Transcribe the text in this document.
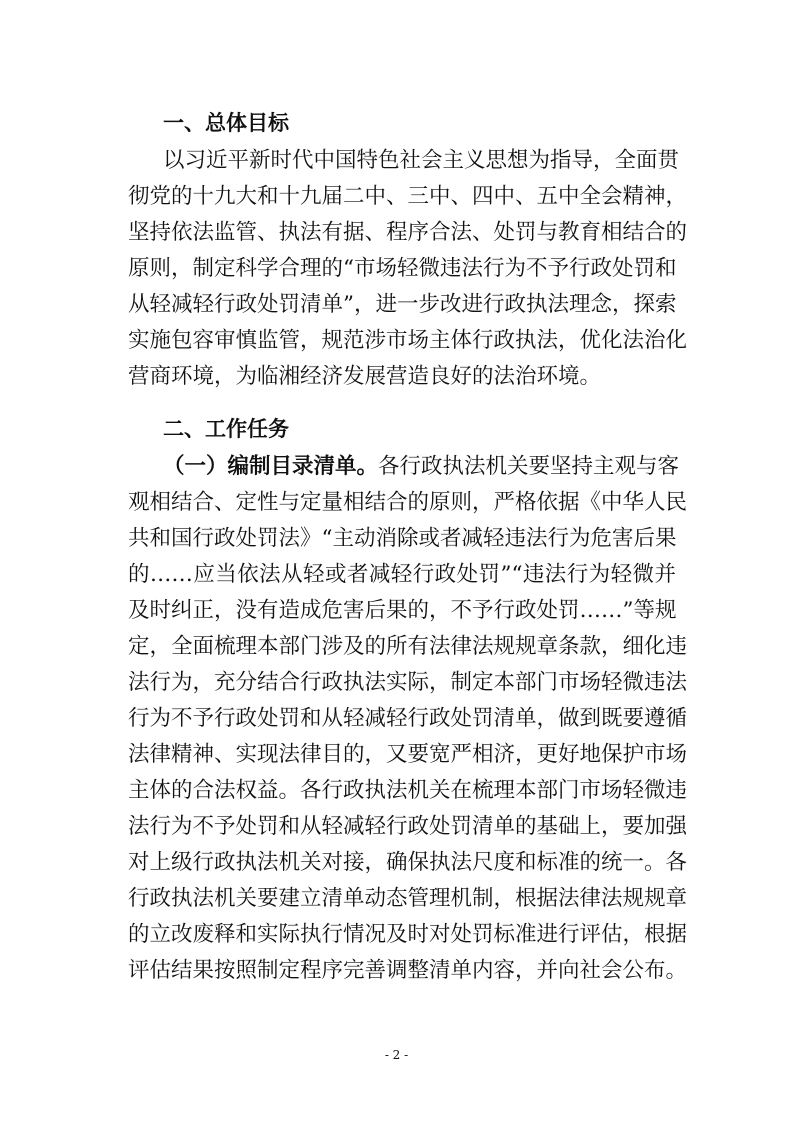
一、总体目标
以习近平新时代中国特色社会主义思想为指导，全面贯
彻党的十九大和十九届二中、三中、四中、五中全会精神，
坚持依法监管、执法有据、程序合法、处罚与教育相结合的
原则，制定科学合理的“市场轻微违法行为不予行政处罚和
从轻减轻行政处罚清单”，进一步改进行政执法理念，探索
实施包容审慎监管，规范涉市场主体行政执法，优化法治化
营商环境，为临湘经济发展营造良好的法治环境。
二、工作任务
（一）编制目录清单。各行政执法机关要坚持主观与客
观相结合、定性与定量相结合的原则，严格依据《中华人民
共和国行政处罚法》“主动消除或者减轻违法行为危害后果
的……应当依法从轻或者减轻行政处罚”“违法行为轻微并
及时纠正，没有造成危害后果的，不予行政处罚……”等规
定，全面梳理本部门涉及的所有法律法规规章条款，细化违
法行为，充分结合行政执法实际，制定本部门市场轻微违法
行为不予行政处罚和从轻减轻行政处罚清单，做到既要遵循
法律精神、实现法律目的，又要宽严相济，更好地保护市场
主体的合法权益。各行政执法机关在梳理本部门市场轻微违
法行为不予处罚和从轻减轻行政处罚清单的基础上，要加强
对上级行政执法机关对接，确保执法尺度和标准的统一。各
行政执法机关要建立清单动态管理机制，根据法律法规规章
的立改废释和实际执行情况及时对处罚标准进行评估，根据
评估结果按照制定程序完善调整清单内容，并向社会公布。
- 2 -
